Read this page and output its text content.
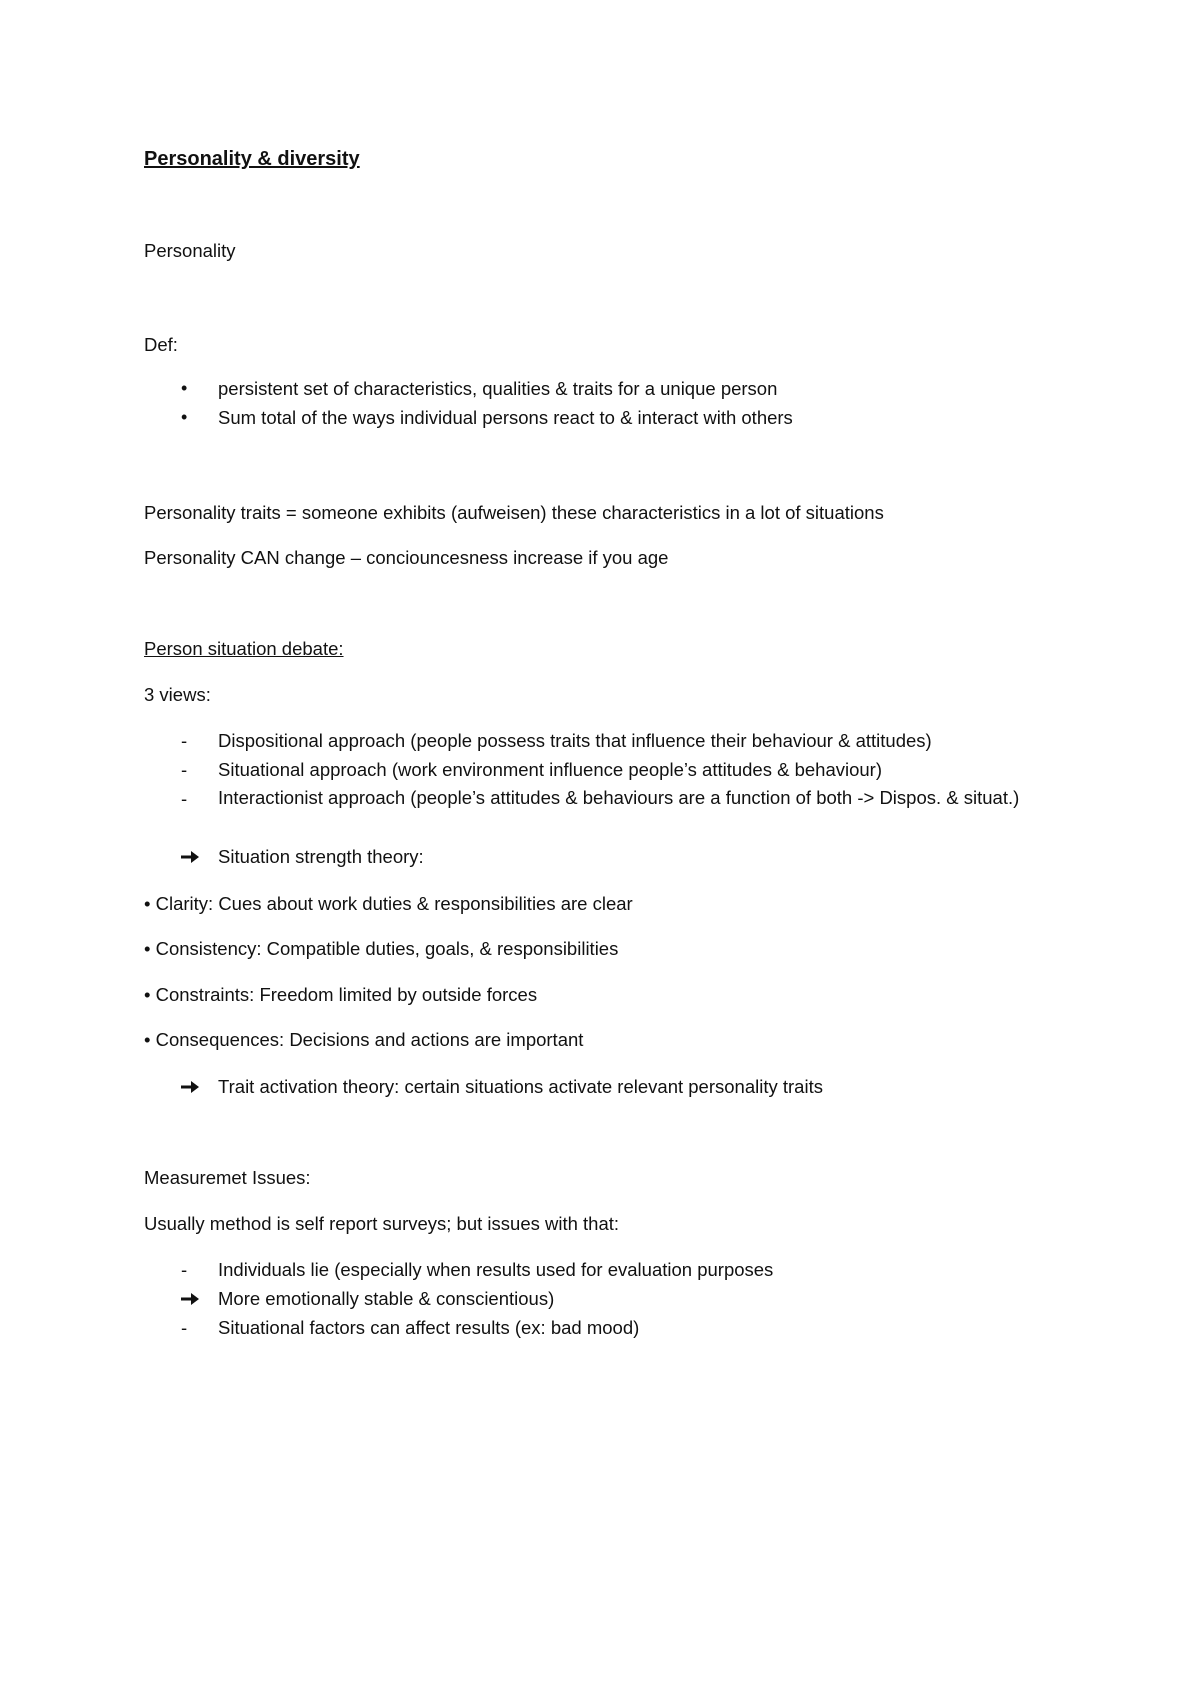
Personality & diversity
Personality
Def:
•	persistent set of characteristics, qualities & traits for a unique person
•	Sum total of the ways individual persons react to & interact with others
Personality traits = someone exhibits (aufweisen) these characteristics in a lot of situations
Personality CAN change – conciouncesness increase if you age
Person situation debate:
3 views:
-	Dispositional approach (people possess traits that influence their behaviour & attitudes)
-	Situational approach (work environment influence people’s attitudes & behaviour)
-	Interactionist approach (people’s attitudes & behaviours are a function of both -> Dispos. & situat.)
Situation strength theory:
• Clarity: Cues about work duties & responsibilities are clear
• Consistency: Compatible duties, goals, & responsibilities
• Constraints: Freedom limited by outside forces
• Consequences: Decisions and actions are important
Trait activation theory: certain situations activate relevant personality traits
Measuremet Issues:
Usually method is self report surveys; but issues with that:
-	Individuals lie (especially when results used for evaluation purposes
More emotionally stable & conscientious)
-	Situational factors can affect results (ex: bad mood)
